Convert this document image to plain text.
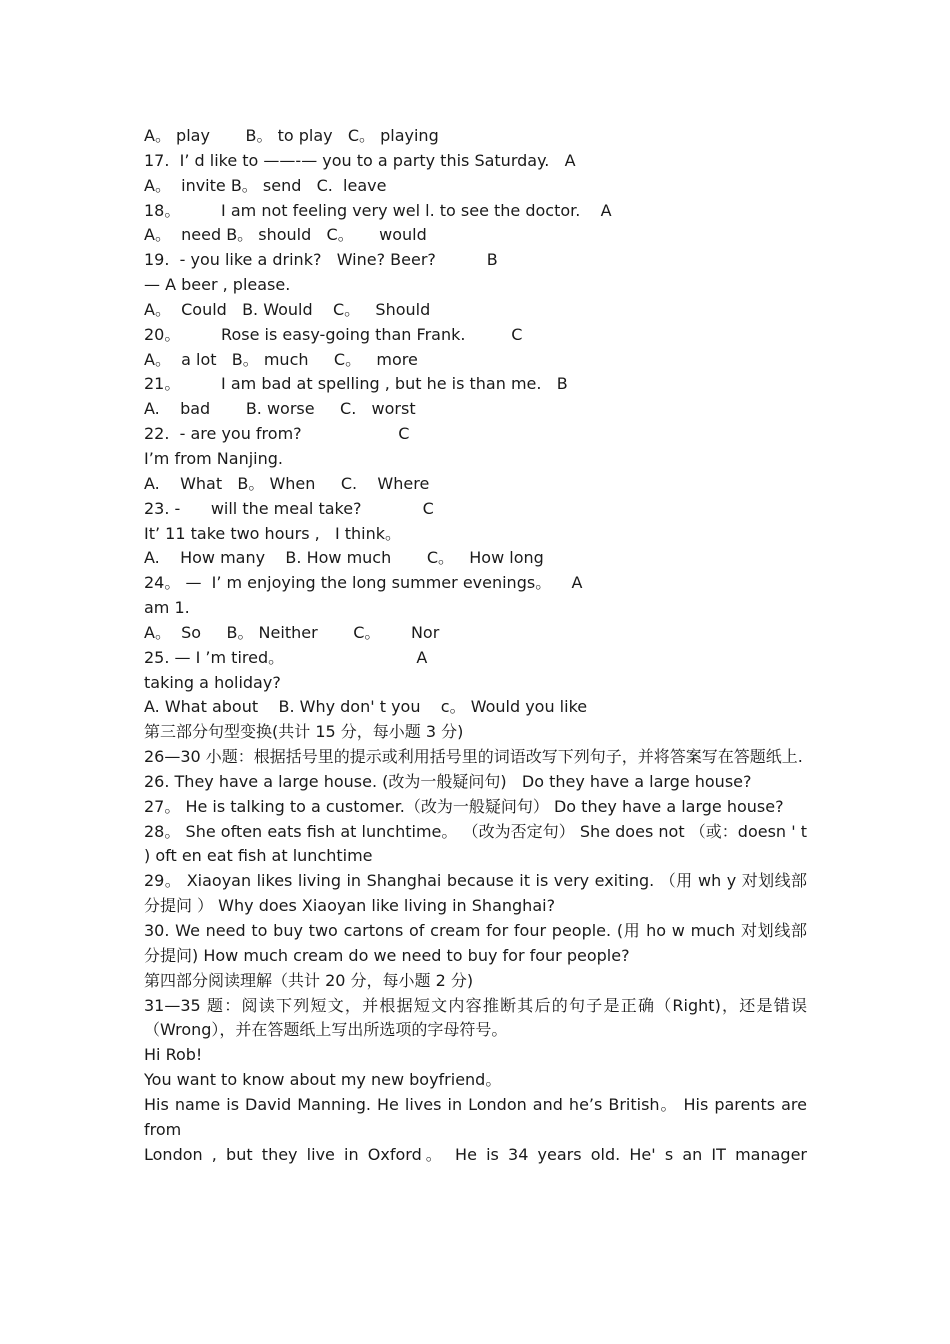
A。 play       B。 to play   C。 playing
17.  I’ d like to ——-— you to a party this Saturday.   A
A。  invite B。 send   C.  leave
18。        I am not feeling very wel l. to see the doctor.    A
A。  need B。 should   C。     would
19.  - you like a drink?   Wine? Beer?          B
— A beer , please.
A。  Could   B. Would    C。   Should
20。        Rose is easy-going than Frank.         C
A。  a lot   B。 much     C。   more
21。        I am bad at spelling , but he is than me.   B
A.    bad       B. worse     C.   worst
22.  - are you from?                   C
I’m from Nanjing.
A.    What   B。 When     C.    Where
23. -      will the meal take?            C
It’ 11 take two hours ,   I think。
A.    How many    B. How much       C。   How long
24。 —  I’ m enjoying the long summer evenings。    A
am 1.
A。  So     B。 Neither       C。      Nor
25. — I ’m tired。                          A
taking a holiday?
A. What about    B. Why don' t you    c。 Would you like
第三部分句型变换(共计 15 分，每小题 3 分)
26—30 小题：根据括号里的提示或利用括号里的词语改写下列句子，并将答案写在答题纸上.
26. They have a large house. (改为一般疑问句)   Do they have a large house?
27。 He is talking to a customer.（改为一般疑问句） Do they have a large house?
28。 She often eats fish at lunchtime。 （改为否定句） She does not （或：doesn ' t ) oft en eat fish at lunchtime
29。 Xiaoyan likes living in Shanghai because it is very exiting. （用 wh y 对划线部分提问 ） Why does Xiaoyan like living in Shanghai?
30. We need to buy two cartons of cream for four people. (用 ho w much 对划线部分提问) How much cream do we need to buy for four people?
第四部分阅读理解（共计 20 分，每小题 2 分)
31—35 题：阅读下列短文，并根据短文内容推断其后的句子是正确（Right)，还是错误（Wrong），并在答题纸上写出所选项的字母符号。
Hi Rob!
You want to know about my new boyfriend。
His name is David Manning. He lives in London and he’s British。 His parents are from
London , but they live in Oxford。 He is 34 years old. He' s an IT manager
